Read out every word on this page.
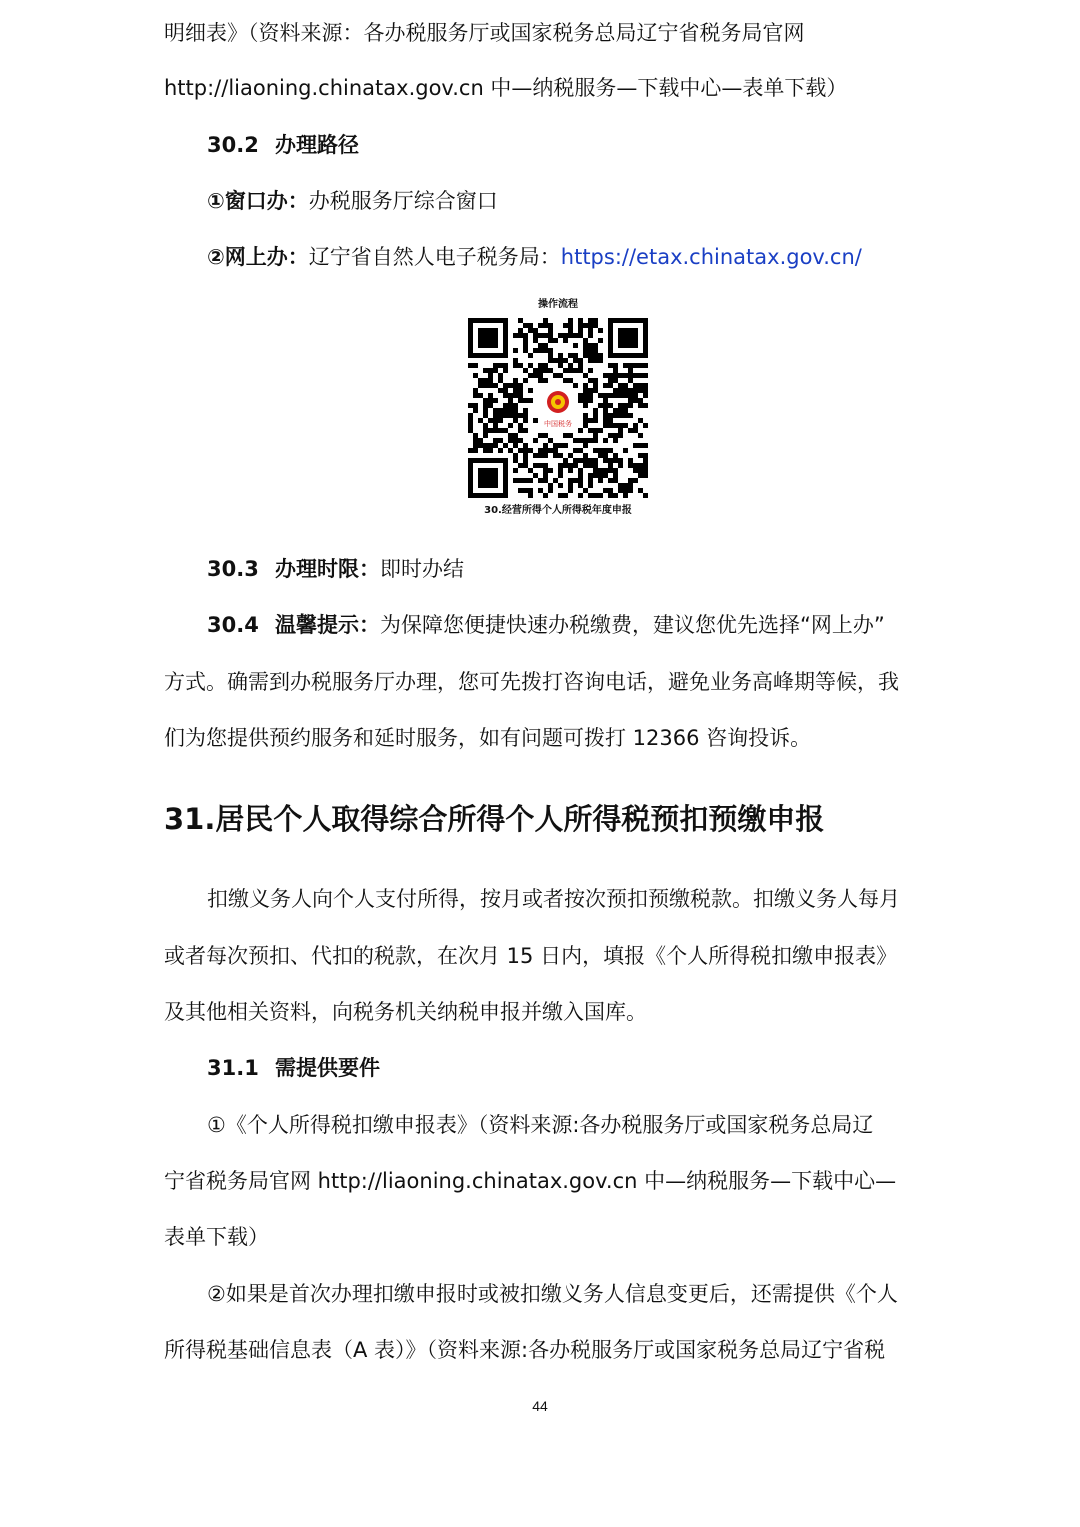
明细表》（资料来源：各办税服务厅或国家税务总局辽宁省税务局官网
http://liaoning.chinatax.gov.cn 中—纳税服务—下载中心—表单下载）
30.2 办理路径
①窗口办：办税服务厅综合窗口
②网上办：辽宁省自然人电子税务局：https://etax.chinatax.gov.cn/
操作流程
中国税务
30.经营所得个人所得税年度申报
30.3 办理时限：即时办结
30.4 温馨提示：为保障您便捷快速办税缴费，建议您优先选择“网上办”
方式。确需到办税服务厅办理，您可先拨打咨询电话，避免业务高峰期等候，我
们为您提供预约服务和延时服务，如有问题可拨打 12366 咨询投诉。
31.居民个人取得综合所得个人所得税预扣预缴申报
扣缴义务人向个人支付所得，按月或者按次预扣预缴税款。扣缴义务人每月
或者每次预扣、代扣的税款，在次月 15 日内，填报《个人所得税扣缴申报表》
及其他相关资料，向税务机关纳税申报并缴入国库。
31.1 需提供要件
①《个人所得税扣缴申报表》（资料来源:各办税服务厅或国家税务总局辽
宁省税务局官网 http://liaoning.chinatax.gov.cn 中—纳税服务—下载中心—
表单下载）
②如果是首次办理扣缴申报时或被扣缴义务人信息变更后，还需提供《个人
所得税基础信息表（A 表）》（资料来源:各办税服务厅或国家税务总局辽宁省税
44
